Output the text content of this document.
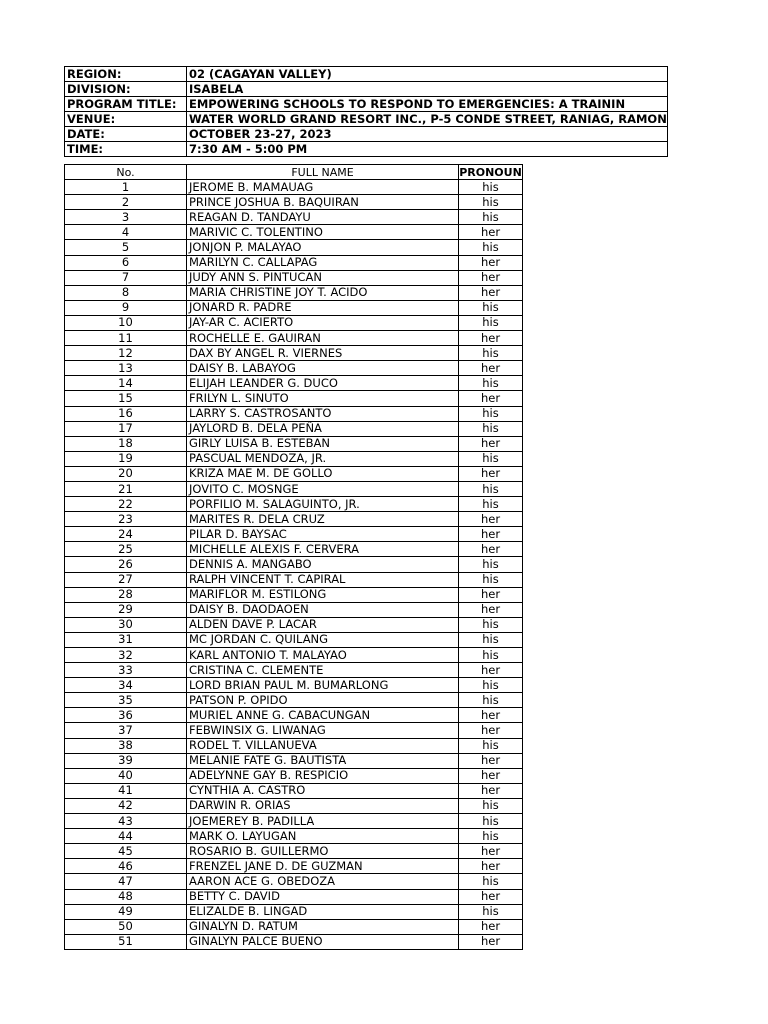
REGION:	02 (CAGAYAN VALLEY)
DIVISION:	ISABELA
PROGRAM TITLE:	EMPOWERING SCHOOLS TO RESPOND TO EMERGENCIES: A TRAININ
VENUE:	WATER WORLD GRAND RESORT INC., P-5 CONDE STREET, RANIAG, RAMON
DATE:	OCTOBER 23-27, 2023
TIME:	7:30 AM - 5:00 PM
No.	FULL NAME	PRONOUN
1	JEROME B. MAMAUAG	his
2	PRINCE JOSHUA B. BAQUIRAN	his
3	REAGAN D. TANDAYU	his
4	MARIVIC C. TOLENTINO	her
5	JONJON P. MALAYAO	his
6	MARILYN C. CALLAPAG	her
7	JUDY ANN S. PINTUCAN	her
8	MARIA CHRISTINE JOY T. ACIDO	her
9	JONARD R. PADRE	his
10	JAY-AR C. ACIERTO	his
11	ROCHELLE E. GAUIRAN	her
12	DAX BY ANGEL R. VIERNES	his
13	DAISY B. LABAYOG	her
14	ELIJAH LEANDER G. DUCO	his
15	FRILYN L. SINUTO	her
16	LARRY S. CASTROSANTO	his
17	JAYLORD B. DELA PEÑA	his
18	GIRLY LUISA B. ESTEBAN	her
19	PASCUAL MENDOZA, JR.	his
20	KRIZA MAE M. DE GOLLO	her
21	JOVITO C. MOSNGE	his
22	PORFILIO M. SALAGUINTO, JR.	his
23	MARITES R. DELA CRUZ	her
24	PILAR D. BAYSAC	her
25	MICHELLE ALEXIS F. CERVERA	her
26	DENNIS A. MANGABO	his
27	RALPH VINCENT T. CAPIRAL	his
28	MARIFLOR M. ESTILONG	her
29	DAISY B. DAODAOEN	her
30	ALDEN DAVE P. LACAR	his
31	MC JORDAN C. QUILANG	his
32	KARL ANTONIO T. MALAYAO	his
33	CRISTINA C. CLEMENTE	her
34	LORD BRIAN PAUL M. BUMARLONG	his
35	PATSON P. OPIDO	his
36	MURIEL ANNE G. CABACUNGAN	her
37	FEBWINSIX G. LIWANAG	her
38	RODEL T. VILLANUEVA	his
39	MELANIE FATE G. BAUTISTA	her
40	ADELYNNE GAY B. RESPICIO	her
41	CYNTHIA A. CASTRO	her
42	DARWIN R. ORIAS	his
43	JOEMEREY B. PADILLA	his
44	MARK O. LAYUGAN	his
45	ROSARIO B. GUILLERMO	her
46	FRENZEL JANE D. DE GUZMAN	her
47	AARON ACE G. OBEDOZA	his
48	BETTY C. DAVID	her
49	ELIZALDE B. LINGAD	his
50	GINALYN D. RATUM	her
51	GINALYN PALCE BUENO	her
